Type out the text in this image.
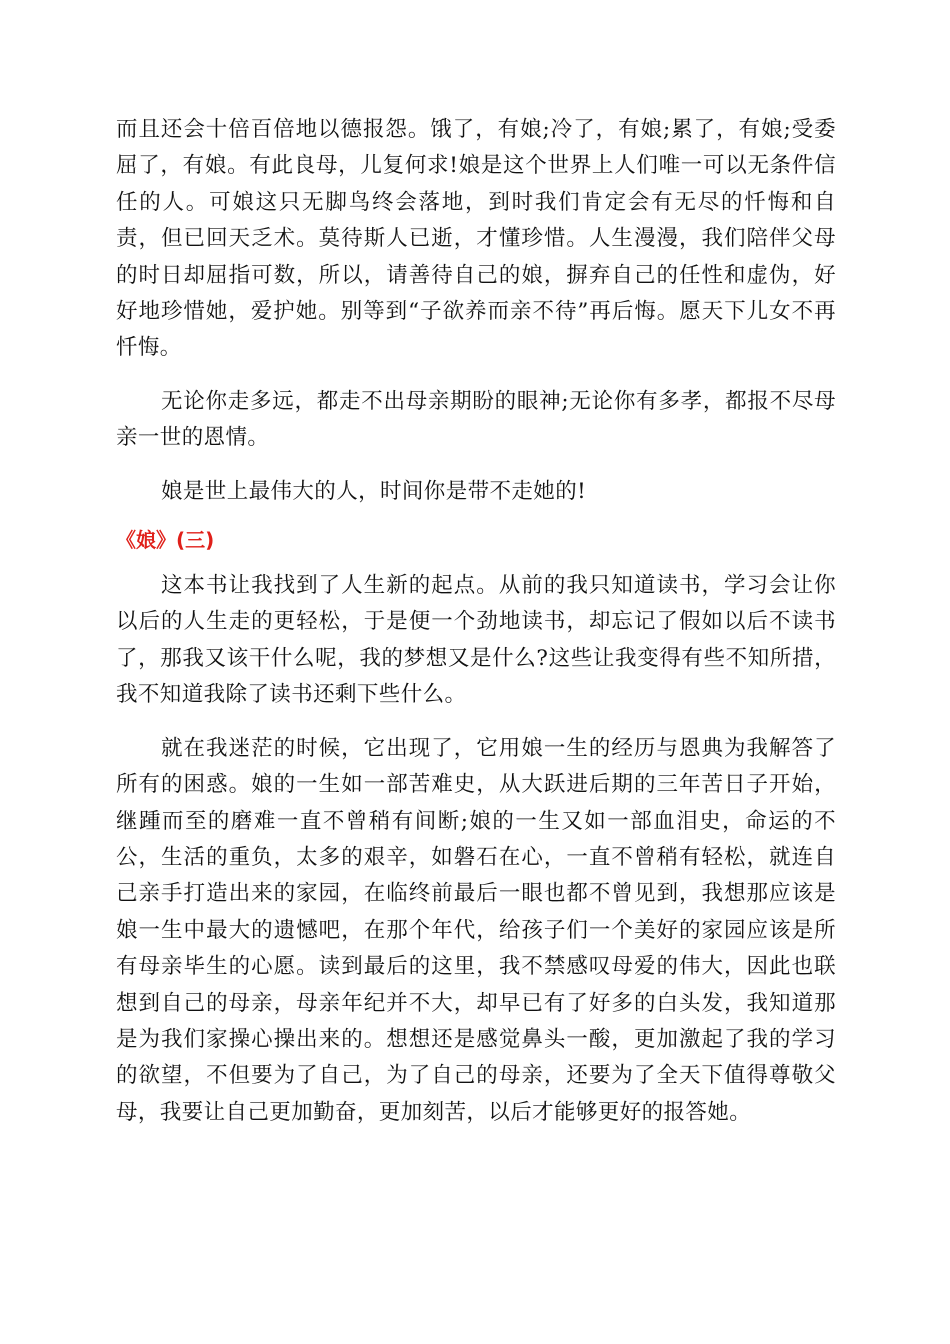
而且还会十倍百倍地以德报怨。饿了，有娘;冷了，有娘;累了，有娘;受委屈了，有娘。有此良母，儿复何求!娘是这个世界上人们唯一可以无条件信任的人。可娘这只无脚鸟终会落地，到时我们肯定会有无尽的忏悔和自责，但已回天乏术。莫待斯人已逝，才懂珍惜。人生漫漫，我们陪伴父母的时日却屈指可数，所以，请善待自己的娘，摒弃自己的任性和虚伪，好好地珍惜她，爱护她。别等到“子欲养而亲不待”再后悔。愿天下儿女不再忏悔。

无论你走多远，都走不出母亲期盼的眼神;无论你有多孝，都报不尽母亲一世的恩情。

娘是世上最伟大的人，时间你是带不走她的!

《娘》(三)

这本书让我找到了人生新的起点。从前的我只知道读书，学习会让你以后的人生走的更轻松，于是便一个劲地读书，却忘记了假如以后不读书了，那我又该干什么呢，我的梦想又是什么?这些让我变得有些不知所措，我不知道我除了读书还剩下些什么。

就在我迷茫的时候，它出现了，它用娘一生的经历与恩典为我解答了所有的困惑。娘的一生如一部苦难史，从大跃进后期的三年苦日子开始，继踵而至的磨难一直不曾稍有间断;娘的一生又如一部血泪史，命运的不公，生活的重负，太多的艰辛，如磐石在心，一直不曾稍有轻松，就连自己亲手打造出来的家园，在临终前最后一眼也都不曾见到，我想那应该是娘一生中最大的遗憾吧，在那个年代，给孩子们一个美好的家园应该是所有母亲毕生的心愿。读到最后的这里，我不禁感叹母爱的伟大，因此也联想到自己的母亲，母亲年纪并不大，却早已有了好多的白头发，我知道那是为我们家操心操出来的。想想还是感觉鼻头一酸，更加激起了我的学习的欲望，不但要为了自己，为了自己的母亲，还要为了全天下值得尊敬父母，我要让自己更加勤奋，更加刻苦，以后才能够更好的报答她。
